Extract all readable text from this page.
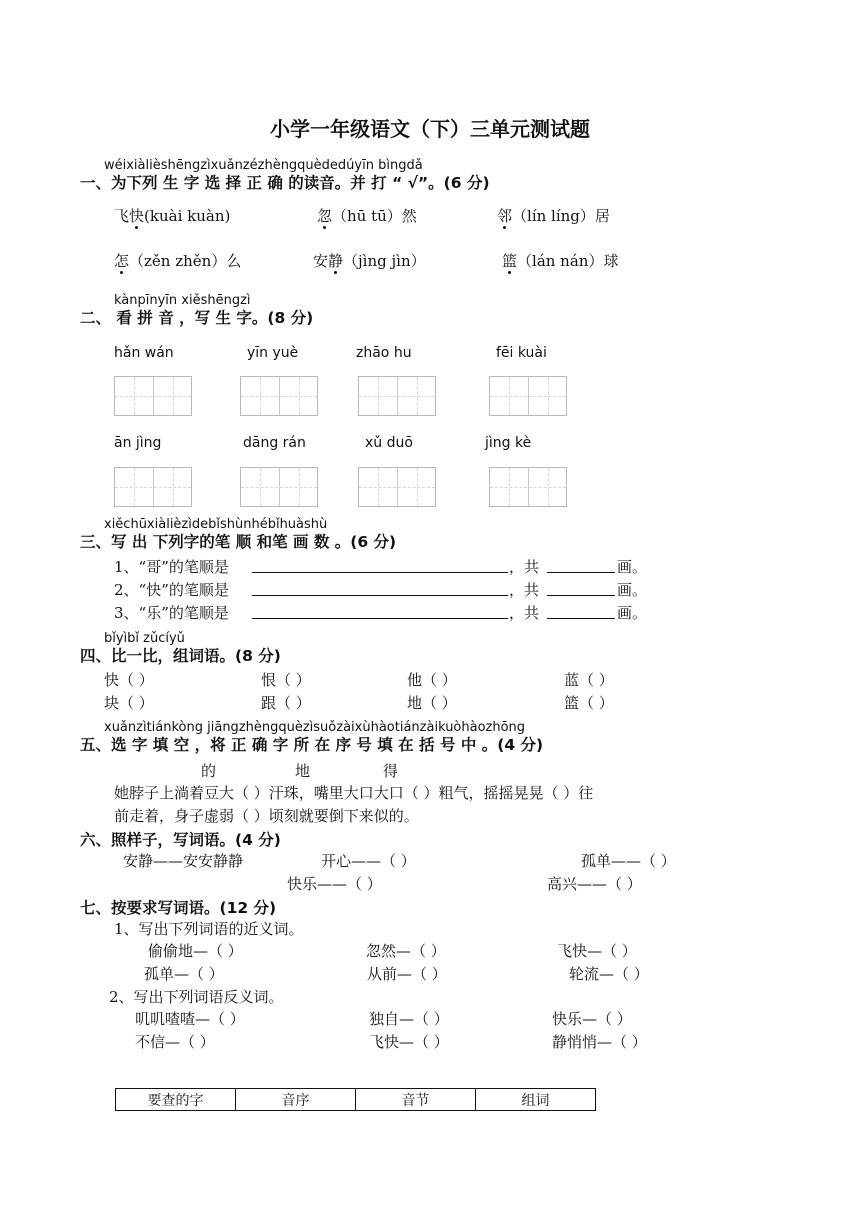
小学一年级语文（下）三单元测试题
wéixiàlièshēngzìxuǎnzézhèngquèdedúyīn bìngdǎ
一、为下列 生 字 选 择 正 确 的读音。并 打 “ √”。(6 分)
飞快(kuài kuàn)	忽（hū tū）然	邻（lín líng）居
怎（zěn zhěn）么	安静（jìng jìn）	篮（lán nán）球
kànpīnyīn xiěshēngzì
二、 看 拼 音 ，写 生 字。(8 分)
hǎn wán	yīn yuè	zhāo hu	fēi kuài
ān jìng	dāng rán	xǔ duō	jìng kè
xiěchūxiàlièzìdebǐshùnhébǐhuàshù
三、写 出 下列字的笔 顺 和笔 画 数 。(6 分)
1、“哥”的笔顺是	，共	画。
2、“快”的笔顺是	，共	画。
3、“乐”的笔顺是	，共	画。
bǐyìbǐ zǔcíyǔ
四、比一比，组词语。(8 分)
快（ ）	恨（ ）	他（ ）	蓝（ ）
块（ ）	跟（ ）	地（ ）	篮（ ）
xuǎnzìtiánkòng jiāngzhèngquèzìsuǒzàixùhàotiánzàikuòhàozhōng
五、选 字 填 空 ，将 正 确 字 所 在 序 号 填 在 括 号 中 。(4 分)
的	地	得
她脖子上淌着豆大（ ）汗珠，嘴里大口大口（ ）粗气，摇摇晃晃（ ）往
前走着，身子虚弱（ ）顷刻就要倒下来似的。
六、照样子，写词语。(4 分)
安静——安安静静	开心——（ ）	孤单——（ ）
快乐——（ ）	高兴——（ ）
七、按要求写词语。(12 分)
1、写出下列词语的近义词。
偷偷地—（ ）	忽然—（ ）	飞快—（ ）
孤单—（ ）	从前—（ ）	轮流—（ ）
2、写出下列词语反义词。
叽叽喳喳—（ ）	独自—（ ）	快乐—（ ）
不信—（ ）	飞快—（ ）	静悄悄—（ ）
要查的字	音序	音节	组词
